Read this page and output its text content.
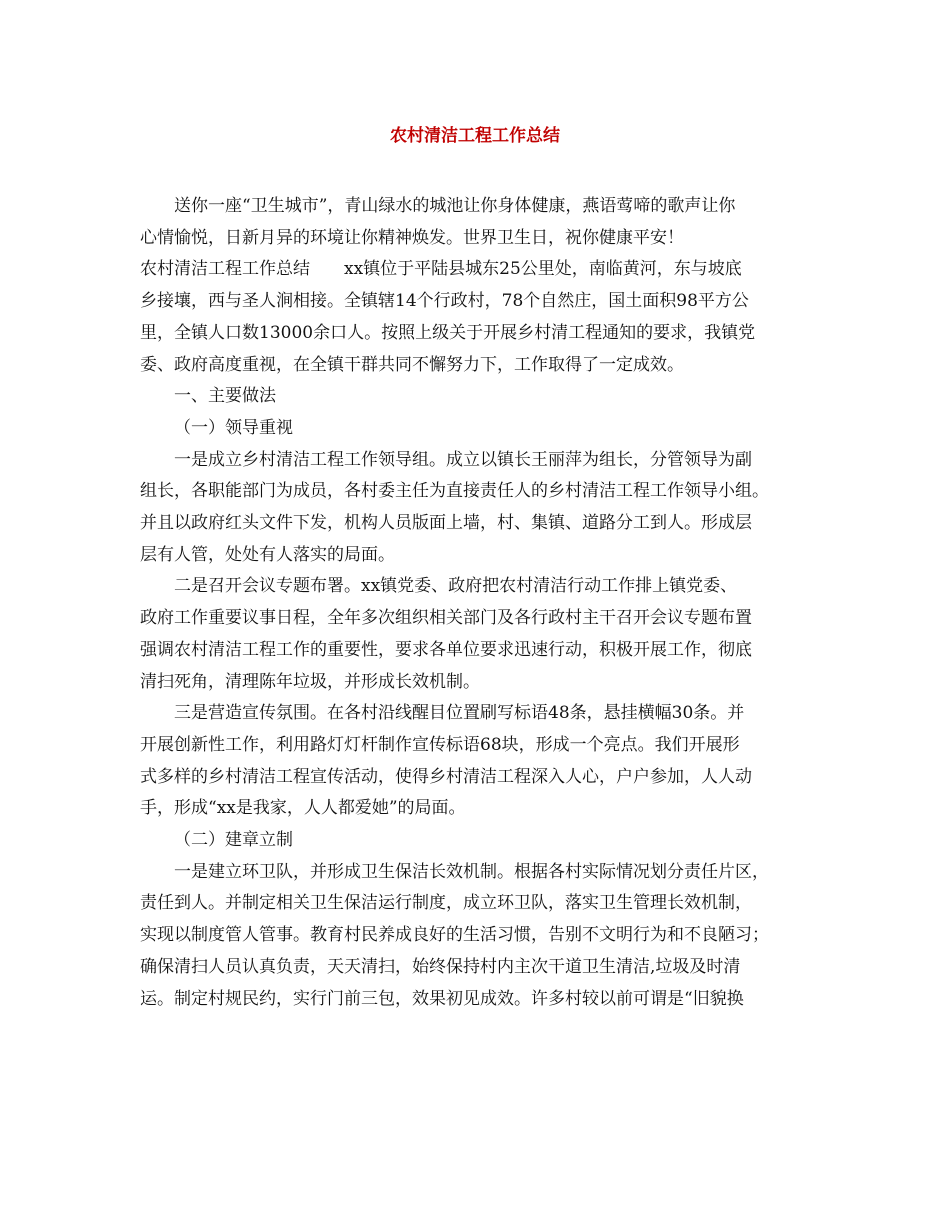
农村清洁工程工作总结

送你一座“卫生城市”，青山绿水的城池让你身体健康，燕语莺啼的歌声让你

心情愉悦，日新月异的环境让你精神焕发。世界卫生日，祝你健康平安！

农村清洁工程工作总结　　xx镇位于平陆县城东25公里处，南临黄河，东与坡底

乡接壤，西与圣人涧相接。全镇辖14个行政村，78个自然庄，国土面积98平方公

里，全镇人口数13000余口人。按照上级关于开展乡村清工程通知的要求，我镇党

委、政府高度重视，在全镇干群共同不懈努力下，工作取得了一定成效。

一、主要做法

（一）领导重视

一是成立乡村清洁工程工作领导组。成立以镇长王丽萍为组长，分管领导为副

组长，各职能部门为成员，各村委主任为直接责任人的乡村清洁工程工作领导小组。

并且以政府红头文件下发，机构人员版面上墙，村、集镇、道路分工到人。形成层

层有人管，处处有人落实的局面。

二是召开会议专题布署。xx镇党委、政府把农村清洁行动工作排上镇党委、

政府工作重要议事日程，全年多次组织相关部门及各行政村主干召开会议专题布置

强调农村清洁工程工作的重要性，要求各单位要求迅速行动，积极开展工作，彻底

清扫死角，清理陈年垃圾，并形成长效机制。

三是营造宣传氛围。在各村沿线醒目位置刷写标语48条，悬挂横幅30条。并

开展创新性工作，利用路灯灯杆制作宣传标语68块，形成一个亮点。我们开展形

式多样的乡村清洁工程宣传活动，使得乡村清洁工程深入人心，户户参加，人人动

手，形成“xx是我家，人人都爱她”的局面。

（二）建章立制

一是建立环卫队，并形成卫生保洁长效机制。根据各村实际情况划分责任片区，

责任到人。并制定相关卫生保洁运行制度，成立环卫队，落实卫生管理长效机制，

实现以制度管人管事。教育村民养成良好的生活习惯，告别不文明行为和不良陋习；

确保清扫人员认真负责，天天清扫，始终保持村内主次干道卫生清洁,垃圾及时清

运。制定村规民约，实行门前三包，效果初见成效。许多村较以前可谓是“旧貌换
